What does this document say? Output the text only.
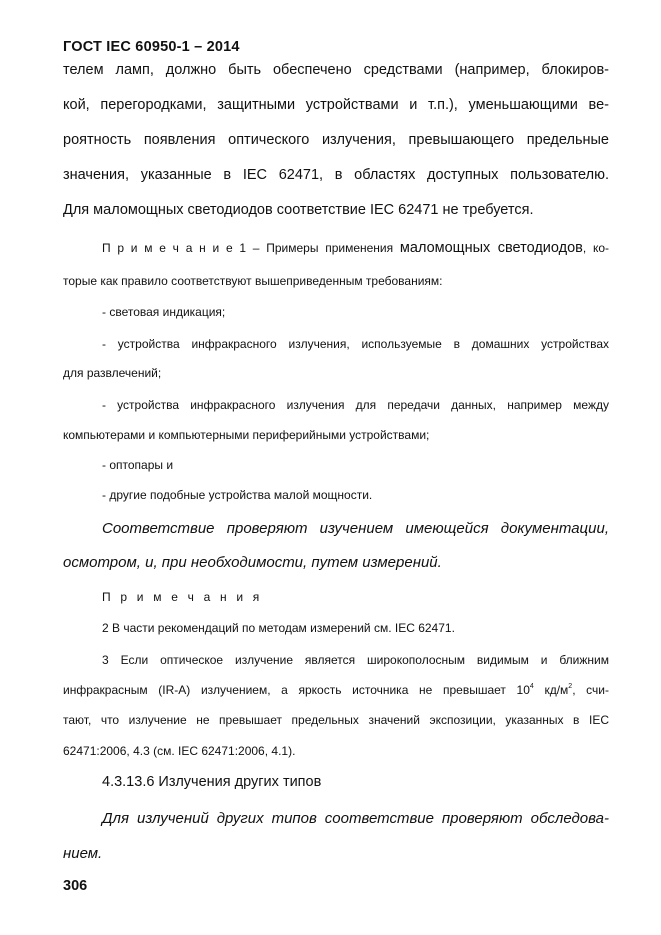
ГОСТ IEC 60950-1 – 2014
телем ламп, должно быть обеспечено средствами (например, блокиров-
кой, перегородками, защитными устройствами и т.п.), уменьшающими ве-
роятность появления оптического излучения, превышающего предельные
значения, указанные в IEC 62471, в областях доступных пользователю.
Для маломощных светодиодов соответствие IEC 62471 не требуется.
П р и м е ч а н и е 1 – Примеры применения маломощных светодиодов, ко-
торые как правило соответствуют вышеприведенным требованиям:
- световая индикация;
- устройства инфракрасного излучения, используемые в домашних устройствах
для развлечений;
- устройства инфракрасного излучения для передачи данных, например между
компьютерами и компьютерными периферийными устройствами;
- оптопары и
- другие подобные устройства малой мощности.
Соответствие проверяют изучением имеющейся документации,
осмотром, и, при необходимости, путем измерений.
П р и м е ч а н и я
2 В части рекомендаций по методам измерений см. IEC 62471.
3 Если оптическое излучение является широкополосным видимым и ближним
инфракрасным (IR-A) излучением, а яркость источника не превышает $10^4$ $кд/м^2$, счи-
тают, что излучение не превышает предельных значений экспозиции, указанных в IEC
62471:2006, 4.3 (см. IEC 62471:2006, 4.1).
4.3.13.6 Излучения других типов
Для излучений других типов соответствие проверяют обследова-
нием.
306
